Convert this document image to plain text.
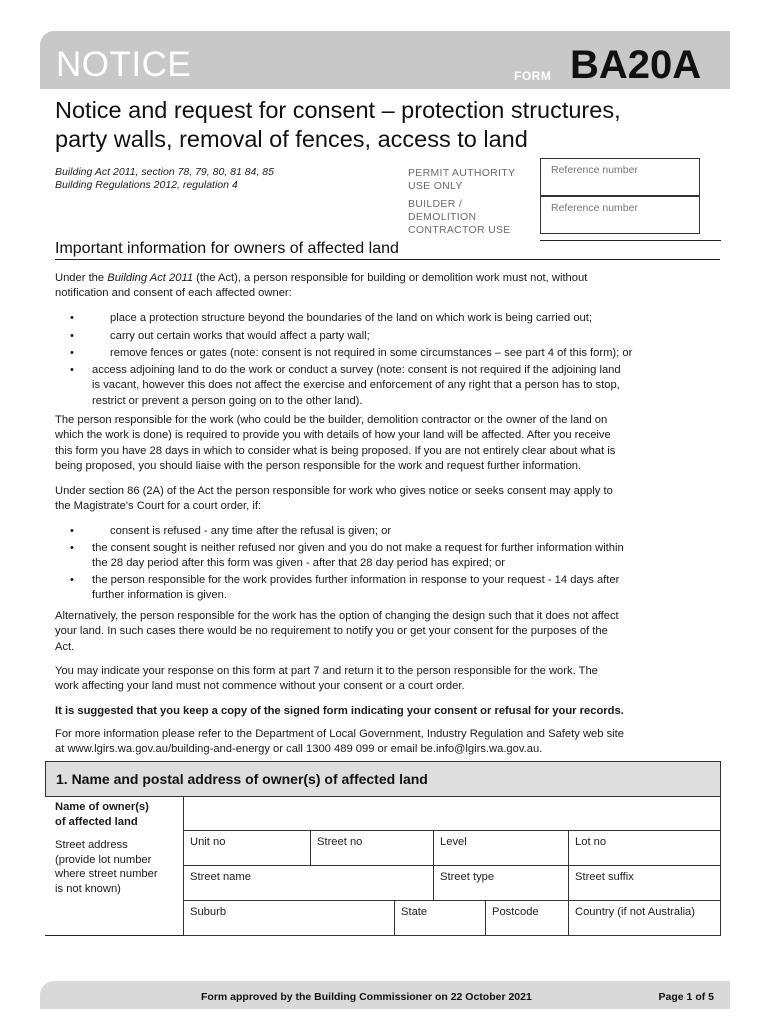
NOTICE	FORM BA20A
Notice and request for consent – protection structures,
party walls, removal of fences, access to land
Building Act 2011, section 78, 79, 80, 81 84, 85
Building Regulations 2012, regulation 4
PERMIT AUTHORITY
USE ONLY
Reference number
BUILDER /
DEMOLITION
CONTRACTOR USE
Reference number
Important information for owners of affected land
Under the Building Act 2011 (the Act), a person responsible for building or demolition work must not, without
notification and consent of each affected owner:
•	place a protection structure beyond the boundaries of the land on which work is being carried out;
•	carry out certain works that would affect a party wall;
•	remove fences or gates (note: consent is not required in some circumstances – see part 4 of this form); or
• access adjoining land to do the work or conduct a survey (note: consent is not required if the adjoining land
is vacant, however this does not affect the exercise and enforcement of any right that a person has to stop,
restrict or prevent a person going on to the other land).
The person responsible for the work (who could be the builder, demolition contractor or the owner of the land on
which the work is done) is required to provide you with details of how your land will be affected. After you receive
this form you have 28 days in which to consider what is being proposed. If you are not entirely clear about what is
being proposed, you should liaise with the person responsible for the work and request further information.
Under section 86 (2A) of the Act the person responsible for work who gives notice or seeks consent may apply to
the Magistrate's Court for a court order, if:
•	consent is refused - any time after the refusal is given; or
• the consent sought is neither refused nor given and you do not make a request for further information within
the 28 day period after this form was given - after that 28 day period has expired; or
• the person responsible for the work provides further information in response to your request - 14 days after
further information is given.
Alternatively, the person responsible for the work has the option of changing the design such that it does not affect
your land. In such cases there would be no requirement to notify you or get your consent for the purposes of the
Act.
You may indicate your response on this form at part 7 and return it to the person responsible for the work. The
work affecting your land must not commence without your consent or a court order.
It is suggested that you keep a copy of the signed form indicating your consent or refusal for your records.
For more information please refer to the Department of Local Government, Industry Regulation and Safety web site
at www.lgirs.wa.gov.au/building-and-energy or call 1300 489 099 or email be.info@lgirs.wa.gov.au.
1. Name and postal address of owner(s) of affected land
Name of owner(s)
of affected land
Street address
(provide lot number
where street number
is not known)
Unit no	Street no	Level	Lot no
Street name	Street type	Street suffix
Suburb	State	Postcode	Country (if not Australia)
Form approved by the Building Commissioner on 22 October 2021	Page 1 of 5
